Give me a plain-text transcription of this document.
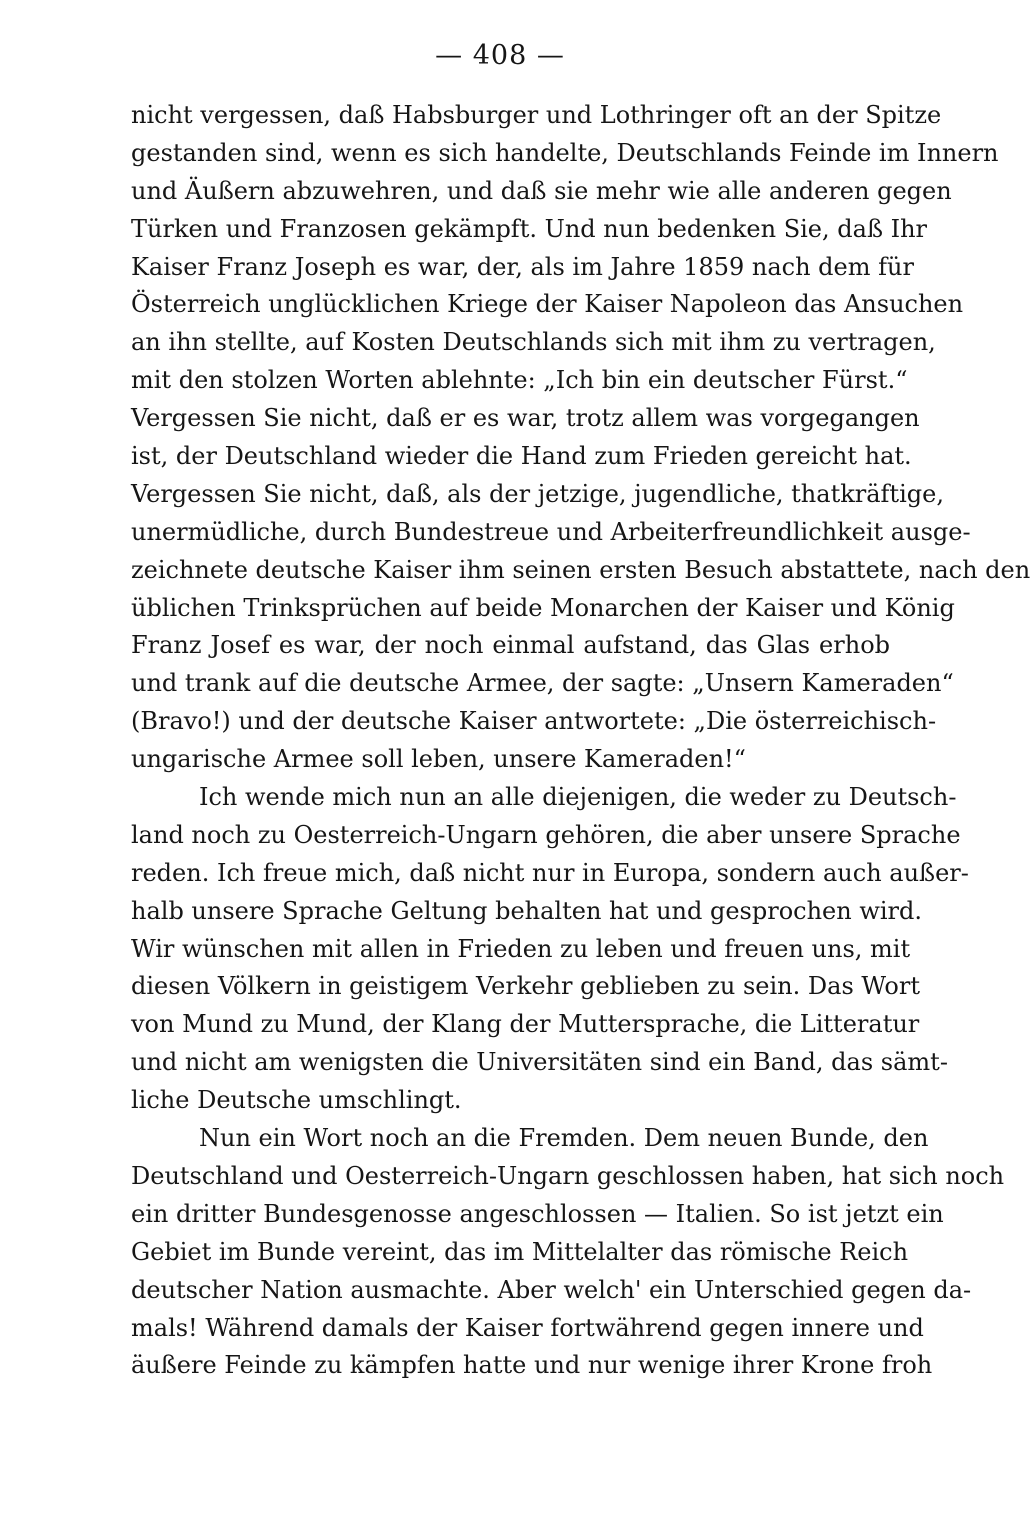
— 408 —
nicht vergessen, daß Habsburger und Lothringer oft an der Spitze
gestanden sind, wenn es sich handelte, Deutschlands Feinde im Innern
und Äußern abzuwehren, und daß sie mehr wie alle anderen gegen
Türken und Franzosen gekämpft. Und nun bedenken Sie, daß Ihr
Kaiser Franz Joseph es war, der, als im Jahre 1859 nach dem für
Österreich unglücklichen Kriege der Kaiser Napoleon das Ansuchen
an ihn stellte, auf Kosten Deutschlands sich mit ihm zu vertragen,
mit den stolzen Worten ablehnte: „Ich bin ein deutscher Fürst.“
Vergessen Sie nicht, daß er es war, trotz allem was vorgegangen
ist, der Deutschland wieder die Hand zum Frieden gereicht hat.
Vergessen Sie nicht, daß, als der jetzige, jugendliche, thatkräftige,
unermüdliche, durch Bundestreue und Arbeiterfreundlichkeit ausge-
zeichnete deutsche Kaiser ihm seinen ersten Besuch abstattete, nach den
üblichen Trinksprüchen auf beide Monarchen der Kaiser und König
Franz Josef es war, der noch einmal aufstand, das Glas erhob
und trank auf die deutsche Armee, der sagte: „Unsern Kameraden“
(Bravo!) und der deutsche Kaiser antwortete: „Die österreichisch-
ungarische Armee soll leben, unsere Kameraden!“
Ich wende mich nun an alle diejenigen, die weder zu Deutsch-
land noch zu Oesterreich-Ungarn gehören, die aber unsere Sprache
reden. Ich freue mich, daß nicht nur in Europa, sondern auch außer-
halb unsere Sprache Geltung behalten hat und gesprochen wird.
Wir wünschen mit allen in Frieden zu leben und freuen uns, mit
diesen Völkern in geistigem Verkehr geblieben zu sein. Das Wort
von Mund zu Mund, der Klang der Muttersprache, die Litteratur
und nicht am wenigsten die Universitäten sind ein Band, das sämt-
liche Deutsche umschlingt.
Nun ein Wort noch an die Fremden. Dem neuen Bunde, den
Deutschland und Oesterreich-Ungarn geschlossen haben, hat sich noch
ein dritter Bundesgenosse angeschlossen — Italien. So ist jetzt ein
Gebiet im Bunde vereint, das im Mittelalter das römische Reich
deutscher Nation ausmachte. Aber welch' ein Unterschied gegen da-
mals! Während damals der Kaiser fortwährend gegen innere und
äußere Feinde zu kämpfen hatte und nur wenige ihrer Krone froh
